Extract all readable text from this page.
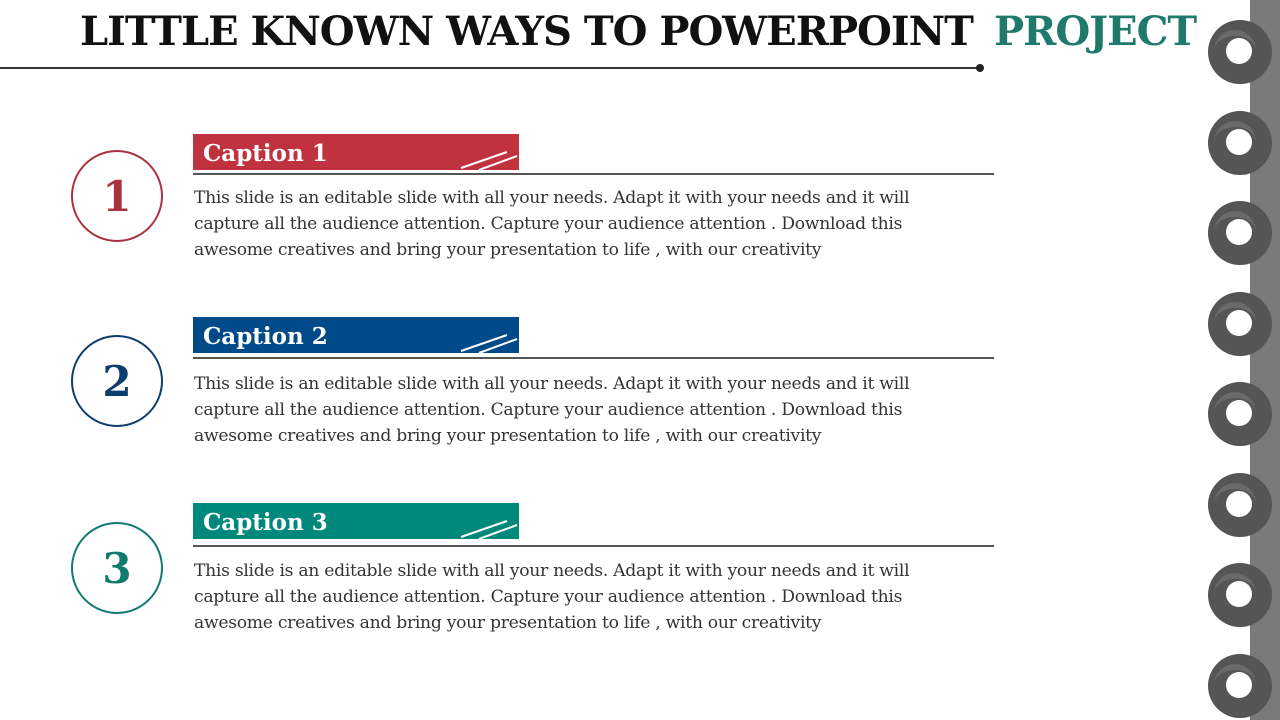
LITTLE KNOWN WAYS TO POWERPOINT PROJECT
1
Caption 1
This slide is an editable slide with all your needs. Adapt it with your needs and it will capture all the audience attention. Capture your audience attention . Download this awesome creatives and bring your presentation to life , with our creativity
2
Caption 2
This slide is an editable slide with all your needs. Adapt it with your needs and it will capture all the audience attention. Capture your audience attention . Download this awesome creatives and bring your presentation to life , with our creativity
3
Caption 3
This slide is an editable slide with all your needs. Adapt it with your needs and it will capture all the audience attention. Capture your audience attention . Download this awesome creatives and bring your presentation to life , with our creativity
